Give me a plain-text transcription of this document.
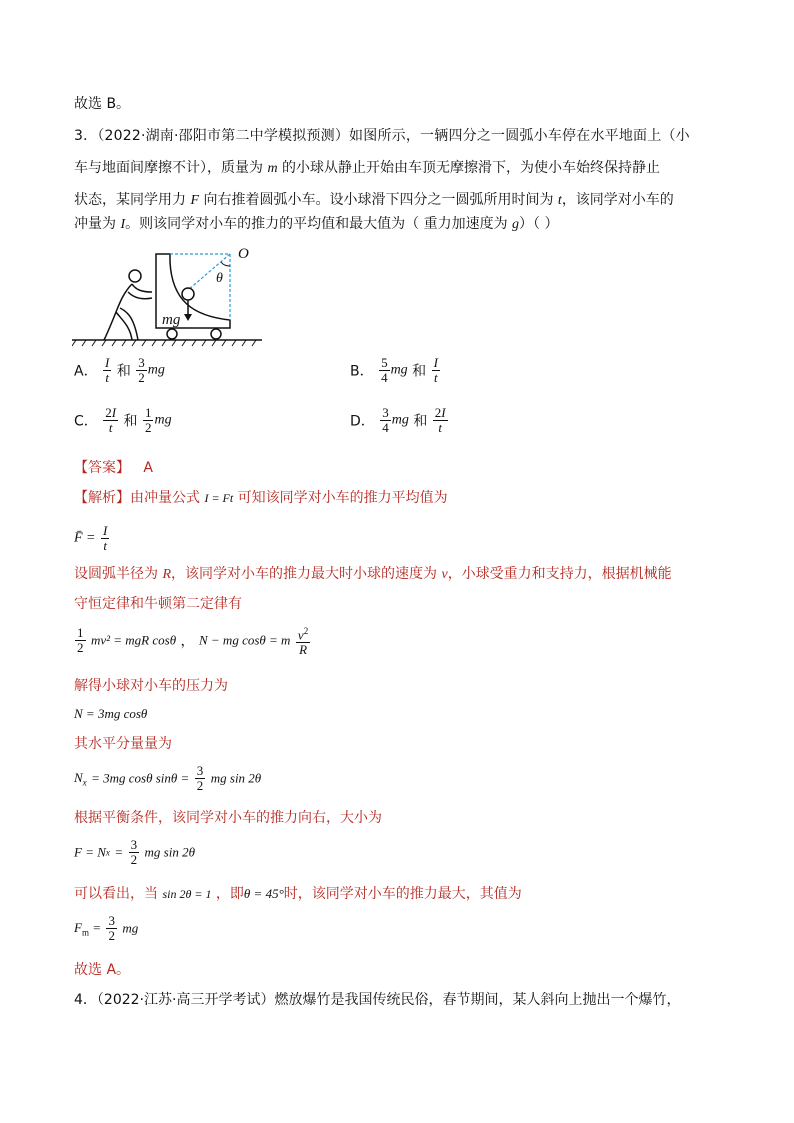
故选 B。
3．（2022·湖南·邵阳市第二中学模拟预测）如图所示，一辆四分之一圆弧小车停在水平地面上（小
车与地面间摩擦不计），质量为 m 的小球从静止开始由车顶无摩擦滑下，为使小车始终保持静止
状态，某同学用力 F 向右推着圆弧小车。设小球滑下四分之一圆弧所用时间为 t，该同学对小车的
冲量为 I。则该同学对小车的推力的平均值和最大值为（ 重力加速度为 g）（ ）
O
θ
mg
A． $\frac{I}{t}$ 和 $\frac{3}{2}$ mg	B． $\frac{5}{4}$ mg 和 $\frac{I}{t}$
C． $\frac{2I}{t}$ 和 $\frac{1}{2}$ mg	D． $\frac{3}{4}$ mg 和 $\frac{2I}{t}$
【答案】 A
【解析】由冲量公式 I = Ft 可知该同学对小车的推力平均值为
F̄ = $\frac{I}{t}$
设圆弧半径为 R，该同学对小车的推力最大时小球的速度为 v，小球受重力和支持力，根据机械能
守恒定律和牛顿第二定律有
$\frac{1}{2} mv^2$ = mgR cosθ ， N − mg cosθ = m $\frac{v^2}{R}$
解得小球对小车的压力为
N = 3mg cosθ
其水平分量量为
$N_x = 3mg$ cosθ $\sin\theta = \frac{3}{2}$ mg sin 2θ
根据平衡条件，该同学对小车的推力向右，大小为
$F = Nx = \frac{3}{2}$ mg sin 2θ
可以看出，当 sin 2θ = 1 ，即θ = 45°时，该同学对小车的推力最大，其值为
$F_m = \frac{3}{2}$ mg
故选 A。
4．（2022·江苏·高三开学考试）燃放爆竹是我国传统民俗，春节期间，某人斜向上抛出一个爆竹，
